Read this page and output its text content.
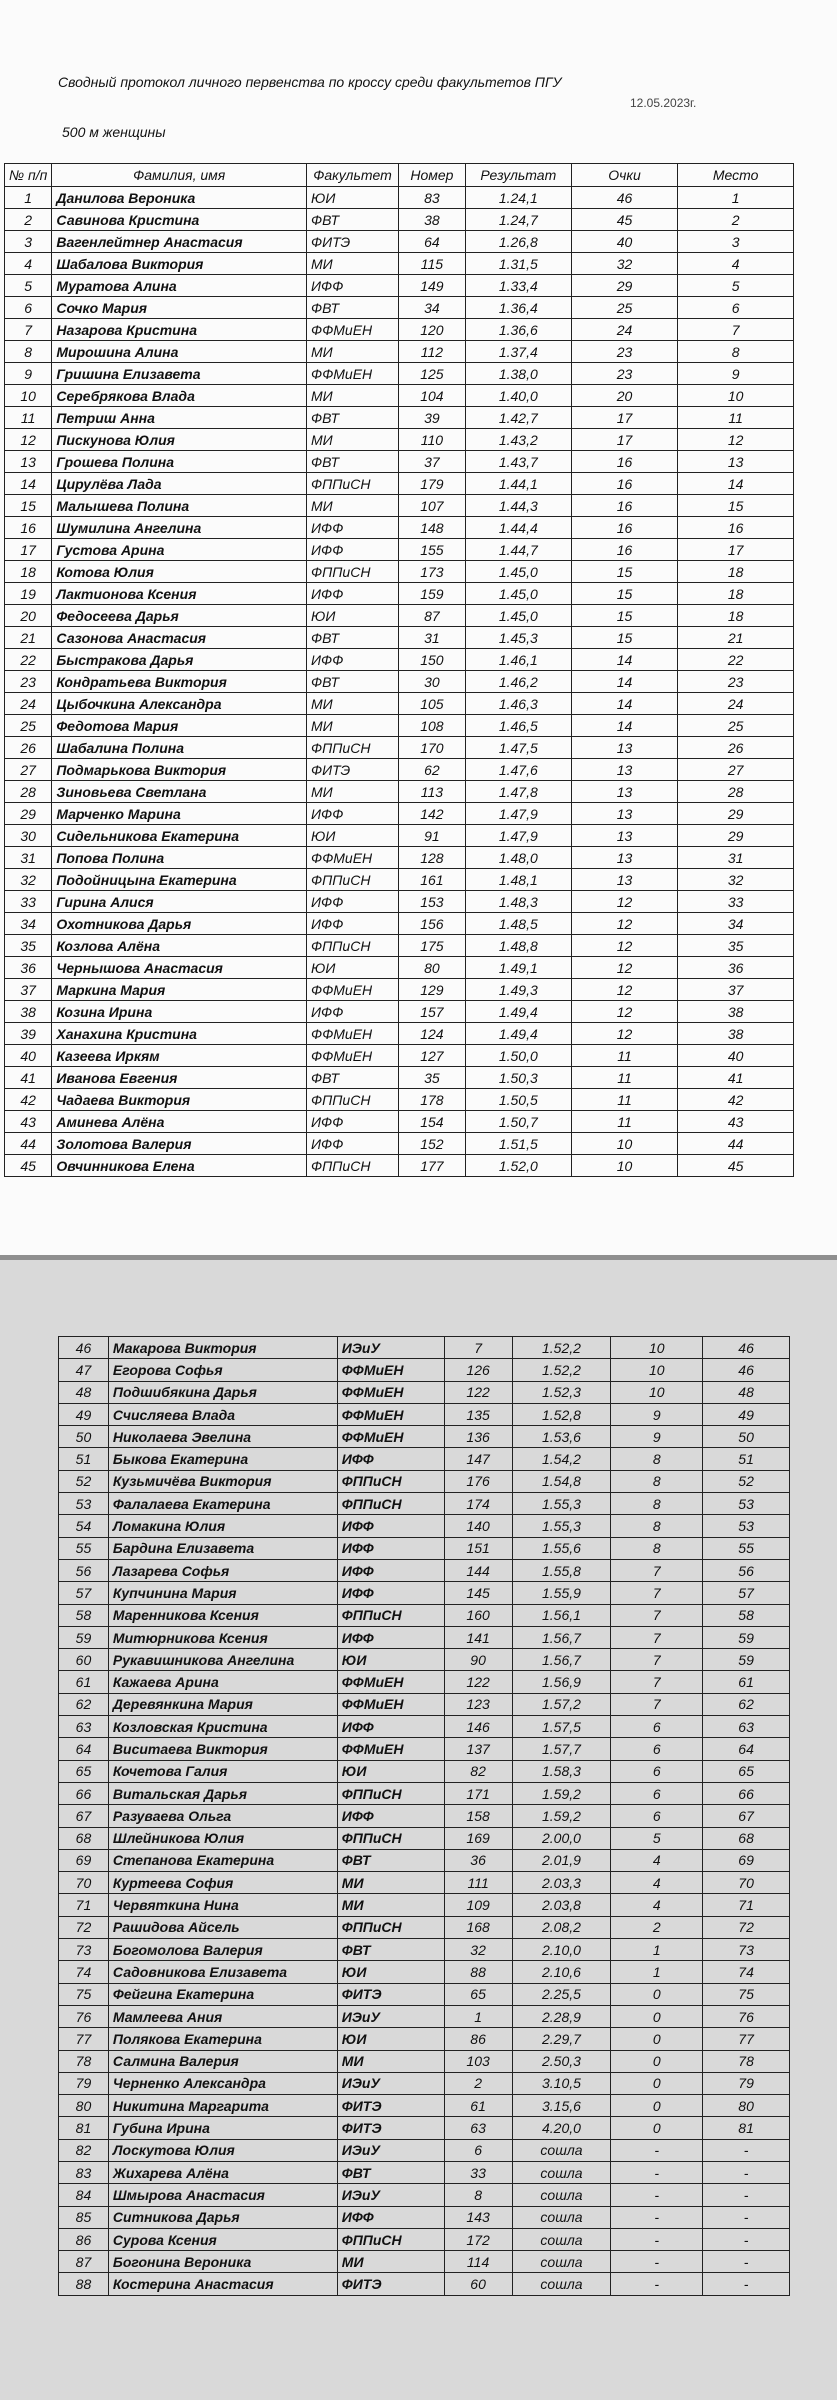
Сводный протокол личного первенства по кроссу среди факультетов ПГУ
12.05.2023г.
500 м женщины
№ п/п	Фамилия, имя	Факультет	Номер	Результат	Очки	Место
1	Данилова Вероника	ЮИ	83	1.24,1	46	1
2	Савинова Кристина	ФВТ	38	1.24,7	45	2
3	Вагенлейтнер Анастасия	ФИТЭ	64	1.26,8	40	3
4	Шабалова Виктория	МИ	115	1.31,5	32	4
5	Муратова Алина	ИФФ	149	1.33,4	29	5
6	Сочко Мария	ФВТ	34	1.36,4	25	6
7	Назарова Кристина	ФФМиЕН	120	1.36,6	24	7
8	Мирошина Алина	МИ	112	1.37,4	23	8
9	Гришина Елизавета	ФФМиЕН	125	1.38,0	23	9
10	Серебрякова Влада	МИ	104	1.40,0	20	10
11	Петриш Анна	ФВТ	39	1.42,7	17	11
12	Пискунова Юлия	МИ	110	1.43,2	17	12
13	Грошева Полина	ФВТ	37	1.43,7	16	13
14	Цирулёва Лада	ФППиСН	179	1.44,1	16	14
15	Малышева Полина	МИ	107	1.44,3	16	15
16	Шумилина Ангелина	ИФФ	148	1.44,4	16	16
17	Густова Арина	ИФФ	155	1.44,7	16	17
18	Котова Юлия	ФППиСН	173	1.45,0	15	18
19	Лактионова Ксения	ИФФ	159	1.45,0	15	18
20	Федосеева Дарья	ЮИ	87	1.45,0	15	18
21	Сазонова Анастасия	ФВТ	31	1.45,3	15	21
22	Быстракова Дарья	ИФФ	150	1.46,1	14	22
23	Кондратьева Виктория	ФВТ	30	1.46,2	14	23
24	Цыбочкина Александра	МИ	105	1.46,3	14	24
25	Федотова Мария	МИ	108	1.46,5	14	25
26	Шабалина Полина	ФППиСН	170	1.47,5	13	26
27	Подмарькова Виктория	ФИТЭ	62	1.47,6	13	27
28	Зиновьева Светлана	МИ	113	1.47,8	13	28
29	Марченко Марина	ИФФ	142	1.47,9	13	29
30	Сидельникова Екатерина	ЮИ	91	1.47,9	13	29
31	Попова Полина	ФФМиЕН	128	1.48,0	13	31
32	Подойницына Екатерина	ФППиСН	161	1.48,1	13	32
33	Гирина Алися	ИФФ	153	1.48,3	12	33
34	Охотникова Дарья	ИФФ	156	1.48,5	12	34
35	Козлова Алёна	ФППиСН	175	1.48,8	12	35
36	Чернышова Анастасия	ЮИ	80	1.49,1	12	36
37	Маркина Мария	ФФМиЕН	129	1.49,3	12	37
38	Козина Ирина	ИФФ	157	1.49,4	12	38
39	Ханахина Кристина	ФФМиЕН	124	1.49,4	12	38
40	Казеева Иркям	ФФМиЕН	127	1.50,0	11	40
41	Иванова Евгения	ФВТ	35	1.50,3	11	41
42	Чадаева Виктория	ФППиСН	178	1.50,5	11	42
43	Аминева Алёна	ИФФ	154	1.50,7	11	43
44	Золотова Валерия	ИФФ	152	1.51,5	10	44
45	Овчинникова Елена	ФППиСН	177	1.52,0	10	45
46	Макарова Виктория	ИЭиУ	7	1.52,2	10	46
47	Егорова Софья	ФФМиЕН	126	1.52,2	10	46
48	Подшибякина Дарья	ФФМиЕН	122	1.52,3	10	48
49	Счисляева Влада	ФФМиЕН	135	1.52,8	9	49
50	Николаева Эвелина	ФФМиЕН	136	1.53,6	9	50
51	Быкова Екатерина	ИФФ	147	1.54,2	8	51
52	Кузьмичёва Виктория	ФППиСН	176	1.54,8	8	52
53	Фалалаева Екатерина	ФППиСН	174	1.55,3	8	53
54	Ломакина Юлия	ИФФ	140	1.55,3	8	53
55	Бардина Елизавета	ИФФ	151	1.55,6	8	55
56	Лазарева Софья	ИФФ	144	1.55,8	7	56
57	Купчинина Мария	ИФФ	145	1.55,9	7	57
58	Маренникова Ксения	ФППиСН	160	1.56,1	7	58
59	Митюрникова Ксения	ИФФ	141	1.56,7	7	59
60	Рукавишникова Ангелина	ЮИ	90	1.56,7	7	59
61	Кажаева Арина	ФФМиЕН	122	1.56,9	7	61
62	Деревянкина Мария	ФФМиЕН	123	1.57,2	7	62
63	Козловская Кристина	ИФФ	146	1.57,5	6	63
64	Виситаева Виктория	ФФМиЕН	137	1.57,7	6	64
65	Кочетова Галия	ЮИ	82	1.58,3	6	65
66	Витальская Дарья	ФППиСН	171	1.59,2	6	66
67	Разуваева Ольга	ИФФ	158	1.59,2	6	67
68	Шлейникова Юлия	ФППиСН	169	2.00,0	5	68
69	Степанова Екатерина	ФВТ	36	2.01,9	4	69
70	Куртеева София	МИ	111	2.03,3	4	70
71	Червяткина Нина	МИ	109	2.03,8	4	71
72	Рашидова Айсель	ФППиСН	168	2.08,2	2	72
73	Богомолова Валерия	ФВТ	32	2.10,0	1	73
74	Садовникова Елизавета	ЮИ	88	2.10,6	1	74
75	Фейгина Екатерина	ФИТЭ	65	2.25,5	0	75
76	Мамлеева Ания	ИЭиУ	1	2.28,9	0	76
77	Полякова Екатерина	ЮИ	86	2.29,7	0	77
78	Салмина Валерия	МИ	103	2.50,3	0	78
79	Черненко Александра	ИЭиУ	2	3.10,5	0	79
80	Никитина Маргарита	ФИТЭ	61	3.15,6	0	80
81	Губина Ирина	ФИТЭ	63	4.20,0	0	81
82	Лоскутова Юлия	ИЭиУ	6	сошла	-	-
83	Жихарева Алёна	ФВТ	33	сошла	-	-
84	Шмырова Анастасия	ИЭиУ	8	сошла	-	-
85	Ситникова Дарья	ИФФ	143	сошла	-	-
86	Сурова Ксения	ФППиСН	172	сошла	-	-
87	Богонина Вероника	МИ	114	сошла	-	-
88	Костерина Анастасия	ФИТЭ	60	сошла	-	-
